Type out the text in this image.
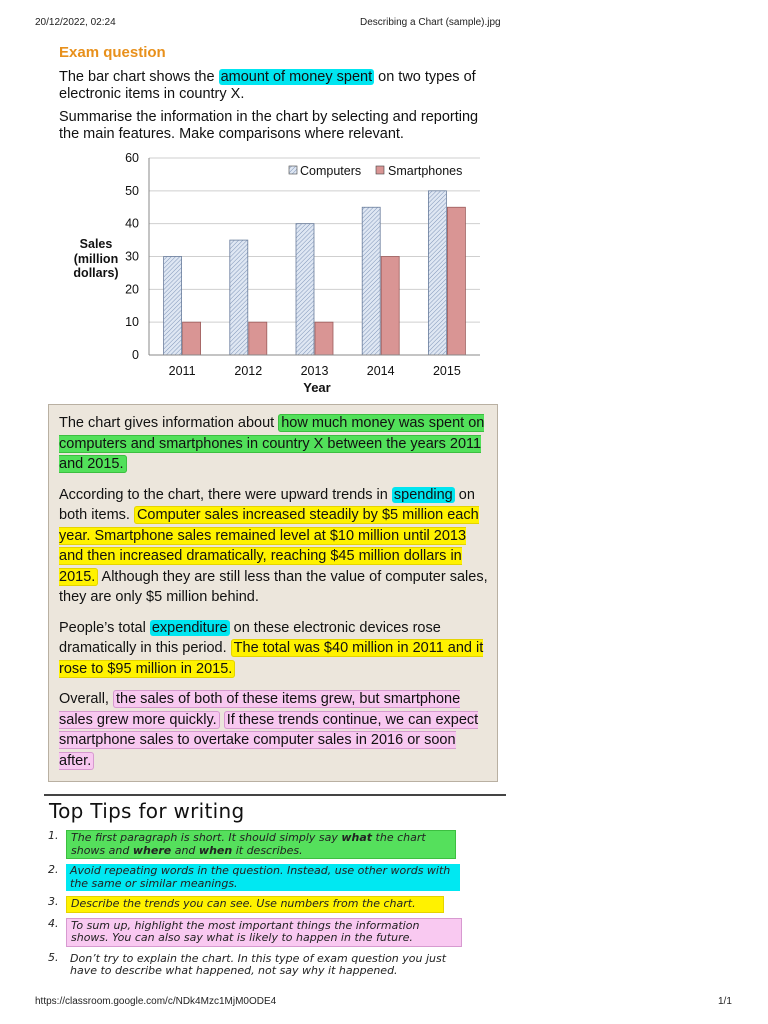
20/12/2022, 02:24	Describing a Chart (sample).jpg
Exam question
The bar chart shows the amount of money spent on two types of electronic items in country X.
Summarise the information in the chart by selecting and reporting the main features. Make comparisons where relevant.
0
10
20
30
40
50
60
2011	2012	2013	2014	2015
Year
Sales
(million
dollars)
Computers Smartphones

The chart gives information about how much money was spent on computers and smartphones in country X between the years 2011 and 2015.

According to the chart, there were upward trends in spending on both items. Computer sales increased steadily by $5 million each year. Smartphone sales remained level at $10 million until 2013 and then increased dramatically, reaching $45 million dollars in 2015. Although they are still less than the value of computer sales, they are only $5 million behind.

People’s total expenditure on these electronic devices rose dramatically in this period. The total was $40 million in 2011 and it rose to $95 million in 2015.

Overall, the sales of both of these items grew, but smartphone sales grew more quickly. If these trends continue, we can expect smartphone sales to overtake computer sales in 2016 or soon after.

Top Tips for writing
1.	The first paragraph is short. It should simply say what the chart shows and where and when it describes.
2.	Avoid repeating words in the question. Instead, use other words with the same or similar meanings.
3.	Describe the trends you can see. Use numbers from the chart.
4.	To sum up, highlight the most important things the information shows. You can also say what is likely to happen in the future.
5.	Don’t try to explain the chart. In this type of exam question you just have to describe what happened, not say why it happened.
https://classroom.google.com/c/NDk4Mzc1MjM0ODE4	1/1
